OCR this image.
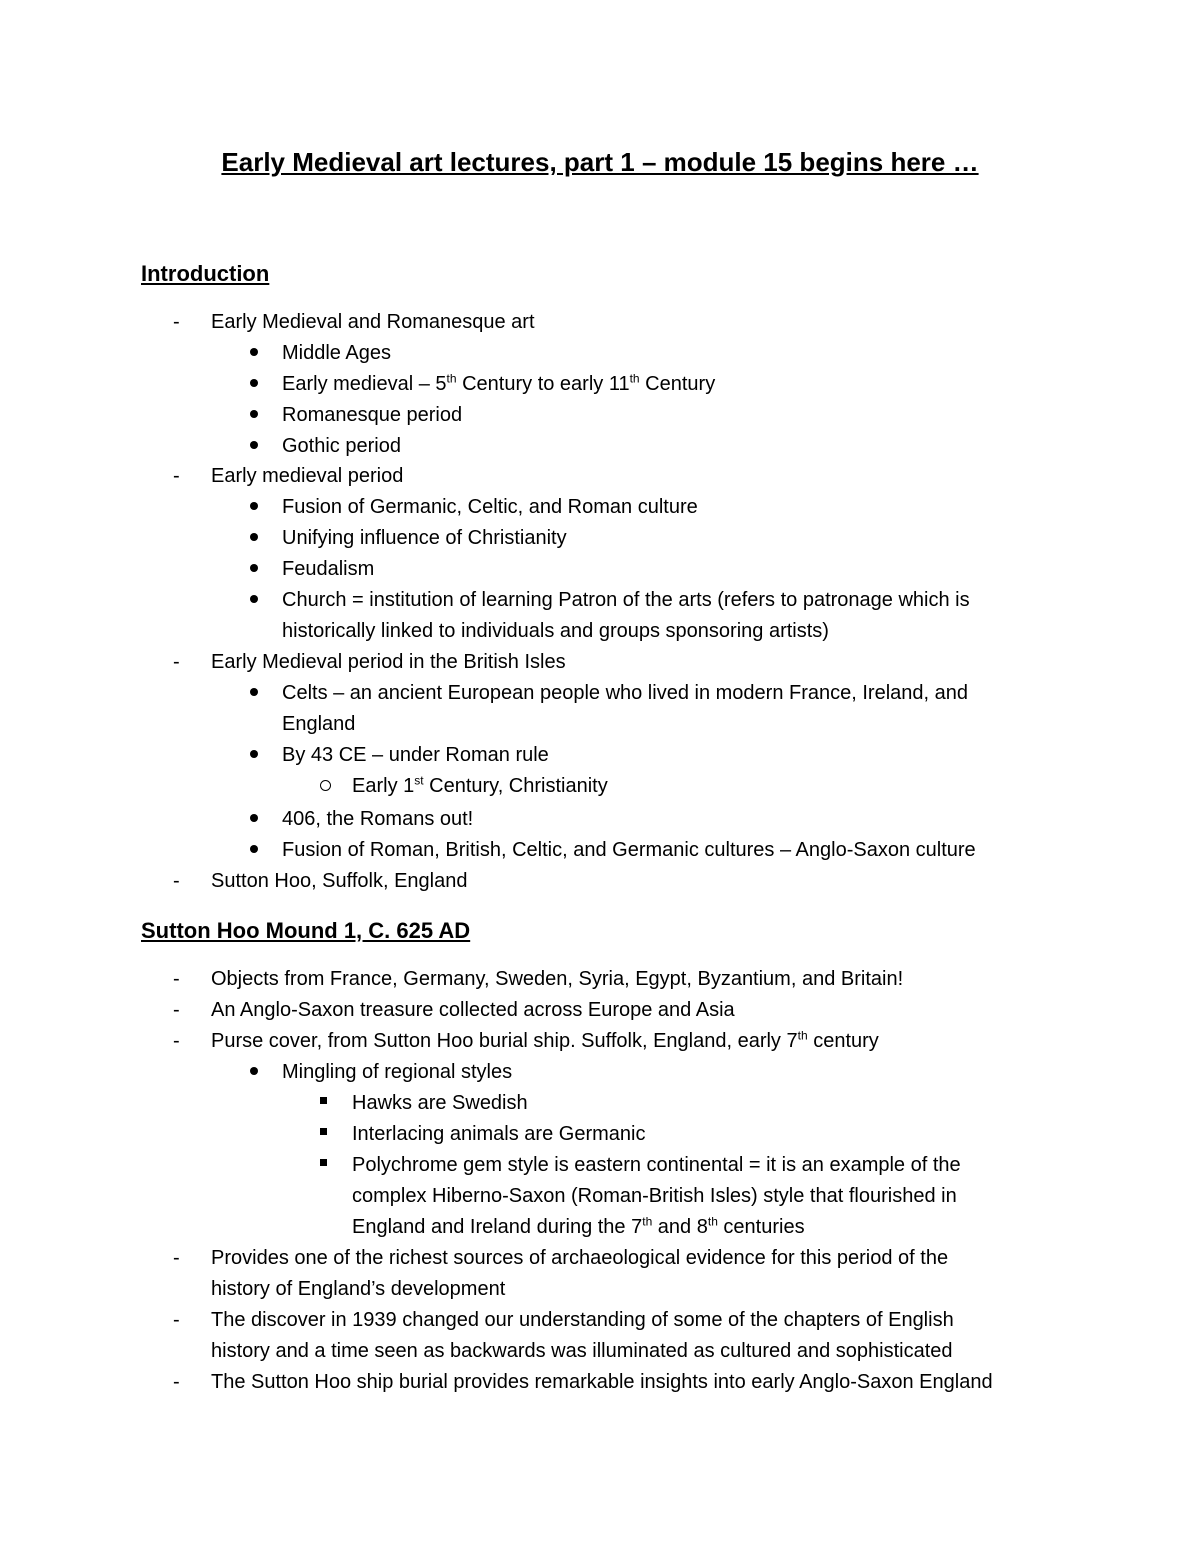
Early Medieval art lectures, part 1 – module 15 begins here …
Introduction
-	Early Medieval and Romanesque art
Middle Ages
Early medieval – 5th Century to early 11th Century
Romanesque period
Gothic period
-	Early medieval period
Fusion of Germanic, Celtic, and Roman culture
Unifying influence of Christianity
Feudalism
Church = institution of learning Patron of the arts (refers to patronage which is
historically linked to individuals and groups sponsoring artists)
-	Early Medieval period in the British Isles
Celts – an ancient European people who lived in modern France, Ireland, and
England
By 43 CE – under Roman rule
Early 1st Century, Christianity
406, the Romans out!
Fusion of Roman, British, Celtic, and Germanic cultures – Anglo-Saxon culture
-	Sutton Hoo, Suffolk, England
Sutton Hoo Mound 1, C. 625 AD
-	Objects from France, Germany, Sweden, Syria, Egypt, Byzantium, and Britain!
-	An Anglo-Saxon treasure collected across Europe and Asia
-	Purse cover, from Sutton Hoo burial ship. Suffolk, England, early 7th century
Mingling of regional styles
Hawks are Swedish
Interlacing animals are Germanic
Polychrome gem style is eastern continental = it is an example of the
complex Hiberno-Saxon (Roman-British Isles) style that flourished in
England and Ireland during the 7th and 8th centuries
-	Provides one of the richest sources of archaeological evidence for this period of the
history of England’s development
-	The discover in 1939 changed our understanding of some of the chapters of English
history and a time seen as backwards was illuminated as cultured and sophisticated
-	The Sutton Hoo ship burial provides remarkable insights into early Anglo-Saxon England
